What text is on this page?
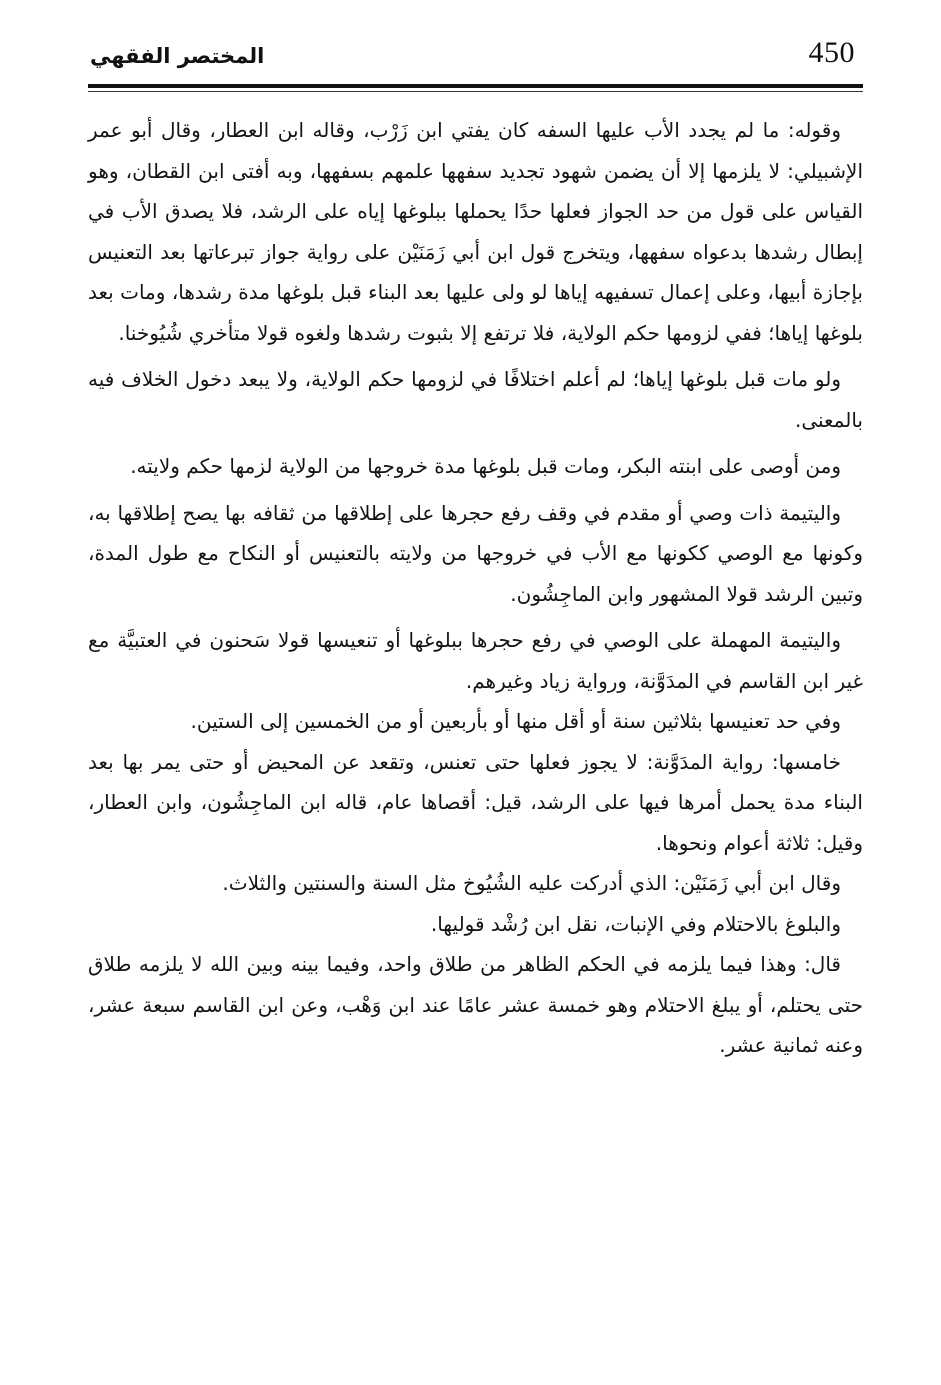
450
المختصر الفقهي

وقوله: ما لم يجدد الأب عليها السفه كان يفتي ابن زَرْب، وقاله ابن العطار، وقال أبو عمر الإشبيلي: لا يلزمها إلا أن يضمن شهود تجديد سفهها علمهم بسفهها، وبه أفتى ابن القطان، وهو القياس على قول من حد الجواز فعلها حدًا يحملها ببلوغها إياه على الرشد، فلا يصدق الأب في إبطال رشدها بدعواه سفهها، ويتخرج قول ابن أبي زَمَنَيْن على رواية جواز تبرعاتها بعد التعنيس بإجازة أبيها، وعلى إعمال تسفيهه إياها لو ولى عليها بعد البناء قبل بلوغها مدة رشدها، ومات بعد بلوغها إياها؛ ففي لزومها حكم الولاية، فلا ترتفع إلا بثبوت رشدها ولغوه قولا متأخري شُيُوخنا.

ولو مات قبل بلوغها إياها؛ لم أعلم اختلافًا في لزومها حكم الولاية، ولا يبعد دخول الخلاف فيه بالمعنى.

ومن أوصى على ابنته البكر، ومات قبل بلوغها مدة خروجها من الولاية لزمها حكم ولايته.

واليتيمة ذات وصي أو مقدم في وقف رفع حجرها على إطلاقها من ثقافه بها يصح إطلاقها به، وكونها مع الوصي ككونها مع الأب في خروجها من ولايته بالتعنيس أو النكاح مع طول المدة، وتبين الرشد قولا المشهور وابن الماجِشُون.

واليتيمة المهملة على الوصي في رفع حجرها ببلوغها أو تنعيسها قولا سَحنون في العتبيَّة مع غير ابن القاسم في المدَوَّنة، ورواية زياد وغيرهم.

وفي حد تعنيسها بثلاثين سنة أو أقل منها أو بأربعين أو من الخمسين إلى الستين.

خامسها: رواية المدَوَّنة: لا يجوز فعلها حتى تعنس، وتقعد عن المحيض أو حتى يمر بها بعد البناء مدة يحمل أمرها فيها على الرشد، قيل: أقصاها عام، قاله ابن الماجِشُون، وابن العطار، وقيل: ثلاثة أعوام ونحوها.

وقال ابن أبي زَمَنَيْن: الذي أدركت عليه الشُيُوخ مثل السنة والسنتين والثلاث.

والبلوغ بالاحتلام وفي الإنبات، نقل ابن رُشْد قوليها.

قال: وهذا فيما يلزمه في الحكم الظاهر من طلاق واحد، وفيما بينه وبين الله لا يلزمه طلاق حتى يحتلم، أو يبلغ الاحتلام وهو خمسة عشر عامًا عند ابن وَهْب، وعن ابن القاسم سبعة عشر، وعنه ثمانية عشر.
